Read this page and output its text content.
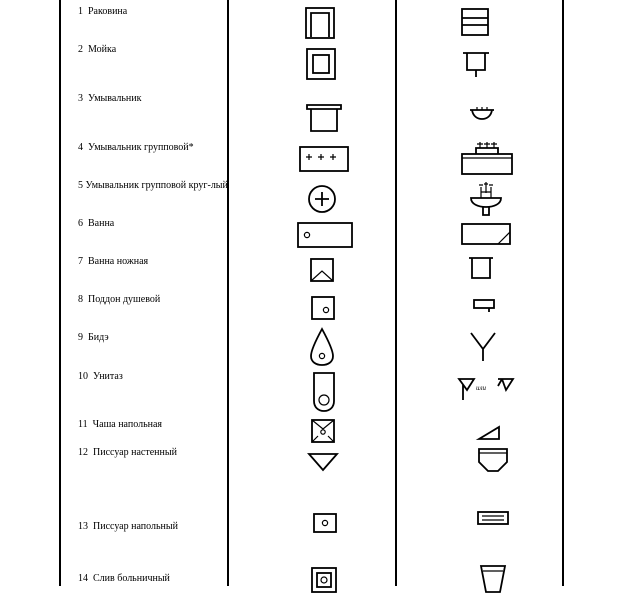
1  Раковина
2  Мойка
3  Умывальник
4  Умывальник групповой*
5 Умывальник групповой круг-лый
6  Ванна
7  Ванна ножная
8  Поддон душевой
9  Бидэ
10  Унитаз
11  Чаша напольная
12  Писсуар настенный
13  Писсуар напольный
14  Слив больничный
или
